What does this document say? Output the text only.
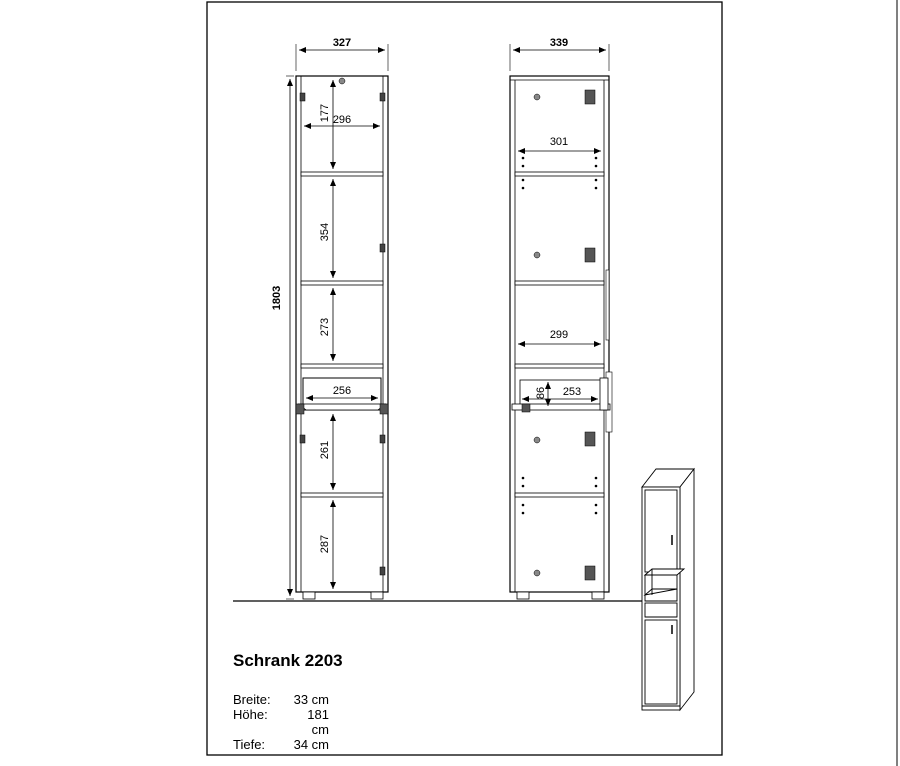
327
1803
296
177
354
273
256
261
287
339
301
299
253
86
Schrank 2203
Breite:	33 cm
Höhe:	181 cm
Tiefe:	34 cm
